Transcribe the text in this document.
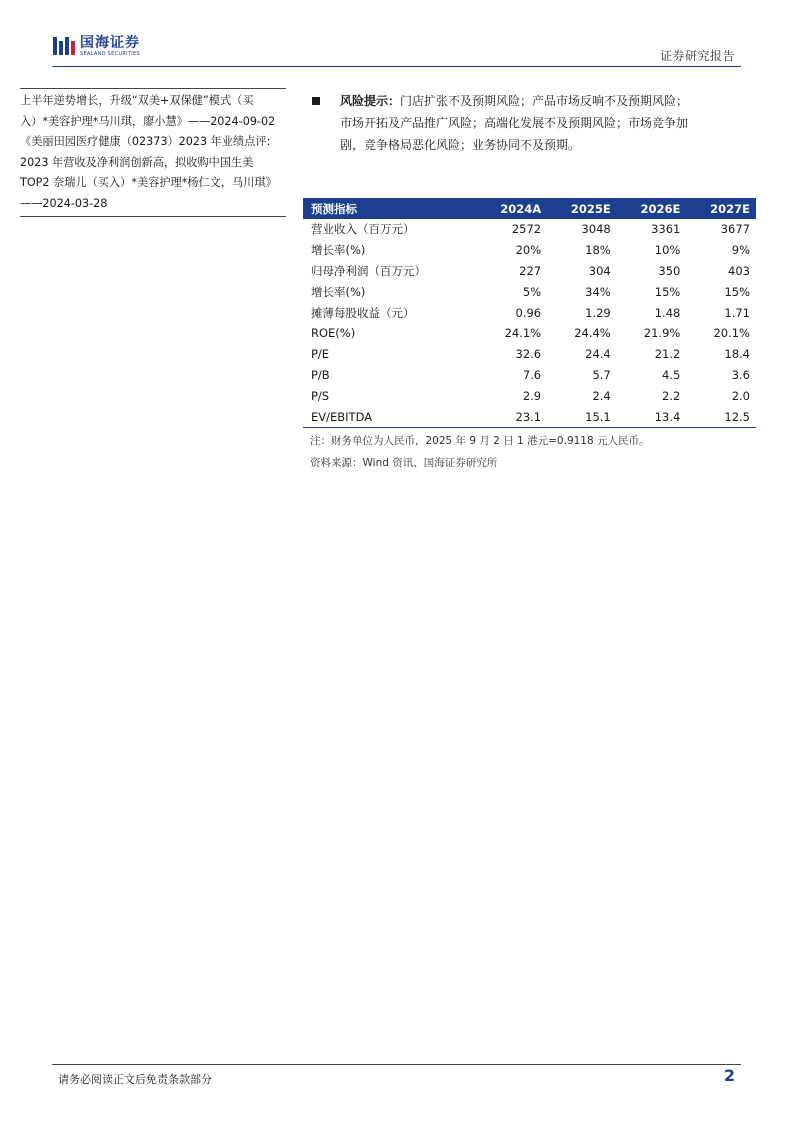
国海证券
SEALAND SECURITIES	证券研究报告

上半年逆势增长，升级“双美+双保健”模式（买
入）*美容护理*马川琪，廖小慧》——2024-09-02
《美丽田园医疗健康（02373）2023 年业绩点评:
2023 年营收及净利润创新高，拟收购中国生美
TOP2 奈瑞儿（买入）*美容护理*杨仁文，马川琪》
——2024-03-28

风险提示：门店扩张不及预期风险；产品市场反响不及预期风险；
市场开拓及产品推广风险；高端化发展不及预期风险；市场竞争加
剧，竞争格局恶化风险；业务协同不及预期。
预测指标	2024A	2025E	2026E	2027E
营业收入（百万元）	2572	3048	3361	3677
增长率(%)	20%	18%	10%	9%
归母净利润（百万元）	227	304	350	403
增长率(%)	5%	34%	15%	15%
摊薄每股收益（元）	0.96	1.29	1.48	1.71
ROE(%)	24.1%	24.4%	21.9%	20.1%
P/E	32.6	24.4	21.2	18.4
P/B	7.6	5.7	4.5	3.6
P/S	2.9	2.4	2.2	2.0
EV/EBITDA	23.1	15.1	13.4	12.5
注：财务单位为人民币，2025 年 9 月 2 日 1 港元=0.9118 元人民币。
资料来源：Wind 资讯、国海证券研究所
请务必阅读正文后免责条款部分	2
